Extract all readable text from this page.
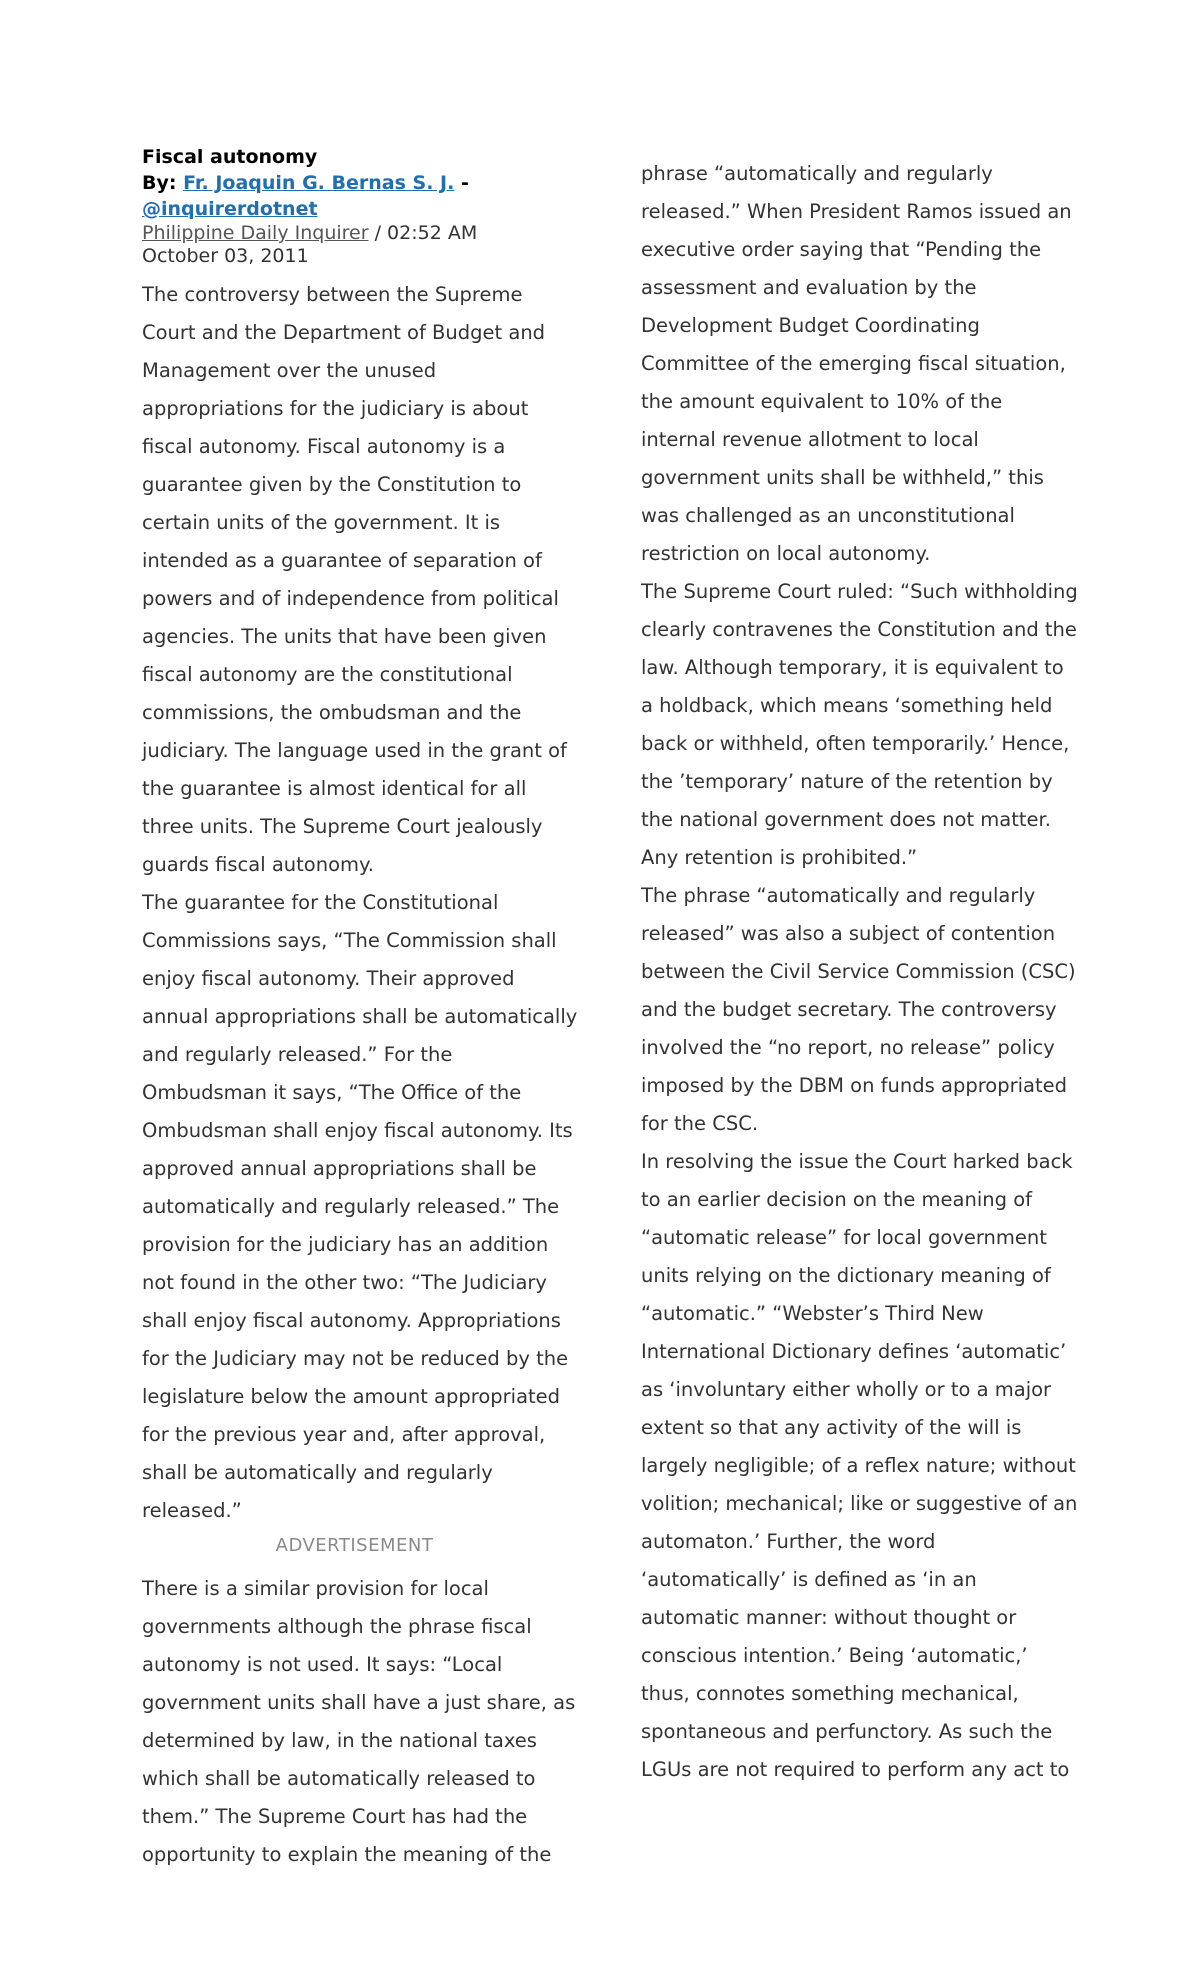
Fiscal autonomy
By: Fr. Joaquin G. Bernas S. J. - @inquirerdotnet
Philippine Daily Inquirer / 02:52 AM
October 03, 2011

The controversy between the Supreme Court and the Department of Budget and Management over the unused appropriations for the judiciary is about fiscal autonomy. Fiscal autonomy is a guarantee given by the Constitution to certain units of the government. It is intended as a guarantee of separation of powers and of independence from political agencies. The units that have been given fiscal autonomy are the constitutional commissions, the ombudsman and the judiciary. The language used in the grant of the guarantee is almost identical for all three units. The Supreme Court jealously guards fiscal autonomy.

The guarantee for the Constitutional Commissions says, “The Commission shall enjoy fiscal autonomy. Their approved annual appropriations shall be automatically and regularly released.” For the Ombudsman it says, “The Office of the Ombudsman shall enjoy fiscal autonomy. Its approved annual appropriations shall be automatically and regularly released.” The provision for the judiciary has an addition not found in the other two: “The Judiciary shall enjoy fiscal autonomy. Appropriations for the Judiciary may not be reduced by the legislature below the amount appropriated for the previous year and, after approval, shall be automatically and regularly released.”

ADVERTISEMENT

There is a similar provision for local governments although the phrase fiscal autonomy is not used. It says: “Local government units shall have a just share, as determined by law, in the national taxes which shall be automatically released to them.” The Supreme Court has had the opportunity to explain the meaning of the

phrase “automatically and regularly released.” When President Ramos issued an executive order saying that “Pending the assessment and evaluation by the Development Budget Coordinating Committee of the emerging fiscal situation, the amount equivalent to 10% of the internal revenue allotment to local government units shall be withheld,” this was challenged as an unconstitutional restriction on local autonomy.

The Supreme Court ruled: “Such withholding clearly contravenes the Constitution and the law. Although temporary, it is equivalent to a holdback, which means ‘something held back or withheld, often temporarily.’ Hence, the ’temporary’ nature of the retention by the national government does not matter. Any retention is prohibited.”

The phrase “automatically and regularly released” was also a subject of contention between the Civil Service Commission (CSC) and the budget secretary. The controversy involved the “no report, no release” policy imposed by the DBM on funds appropriated for the CSC.

In resolving the issue the Court harked back to an earlier decision on the meaning of “automatic release” for local government units relying on the dictionary meaning of “automatic.” “Webster’s Third New International Dictionary defines ‘automatic’ as ‘involuntary either wholly or to a major extent so that any activity of the will is largely negligible; of a reflex nature; without volition; mechanical; like or suggestive of an automaton.’ Further, the word ‘automatically’ is defined as ‘in an automatic manner: without thought or conscious intention.’ Being ‘automatic,’ thus, connotes something mechanical, spontaneous and perfunctory. As such the LGUs are not required to perform any act to
